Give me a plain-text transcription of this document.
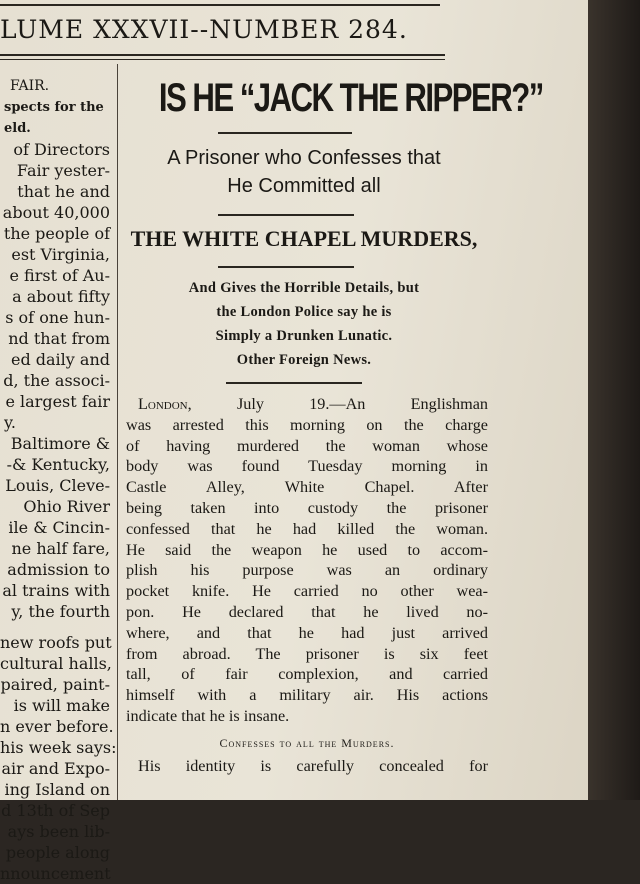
LUME XXXVII--NUMBER 284.
FAIR.
spects for the
eld.
of Directors
Fair yester-
that he and
about 40,000
the people of
est Virginia,
e first of Au-
a about fifty
s of one hun-
nd that from
ed daily and
d, the associ-
e largest fair
y.
Baltimore &
-& Kentucky,
Louis, Cleve-
Ohio River
ile & Cincin-
ne half fare,
admission to
al trains with
y, the fourth
new roofs put
cultural halls,
paired, paint-
is will make
n ever before.
his week says:
air and Expo-
ing Island on
d 13th of Sep
ays been lib-
people along
nnouncement
IS HE “JACK THE RIPPER?”
A Prisoner who Confesses that
He Committed all
THE WHITE CHAPEL MURDERS,
And Gives the Horrible Details, but
the London Police say he is
Simply a Drunken Lunatic.
Other Foreign News.
London,	July 19.—An Englishman
was arrested this morning on the charge
of having murdered the woman whose
body was found Tuesday morning in
Castle Alley, White Chapel. After
being taken into custody the prisoner
confessed that he had killed the woman.
He said the weapon he used to accom-
plish his purpose was an ordinary
pocket knife. He carried no other wea-
pon. He declared that he lived no-
where, and that he had just arrived
from abroad. The prisoner is six feet
tall, of fair complexion, and carried
himself with a military air. His actions
indicate that he is insane.
Confesses to all the Murders.
His identity is carefully concealed for
